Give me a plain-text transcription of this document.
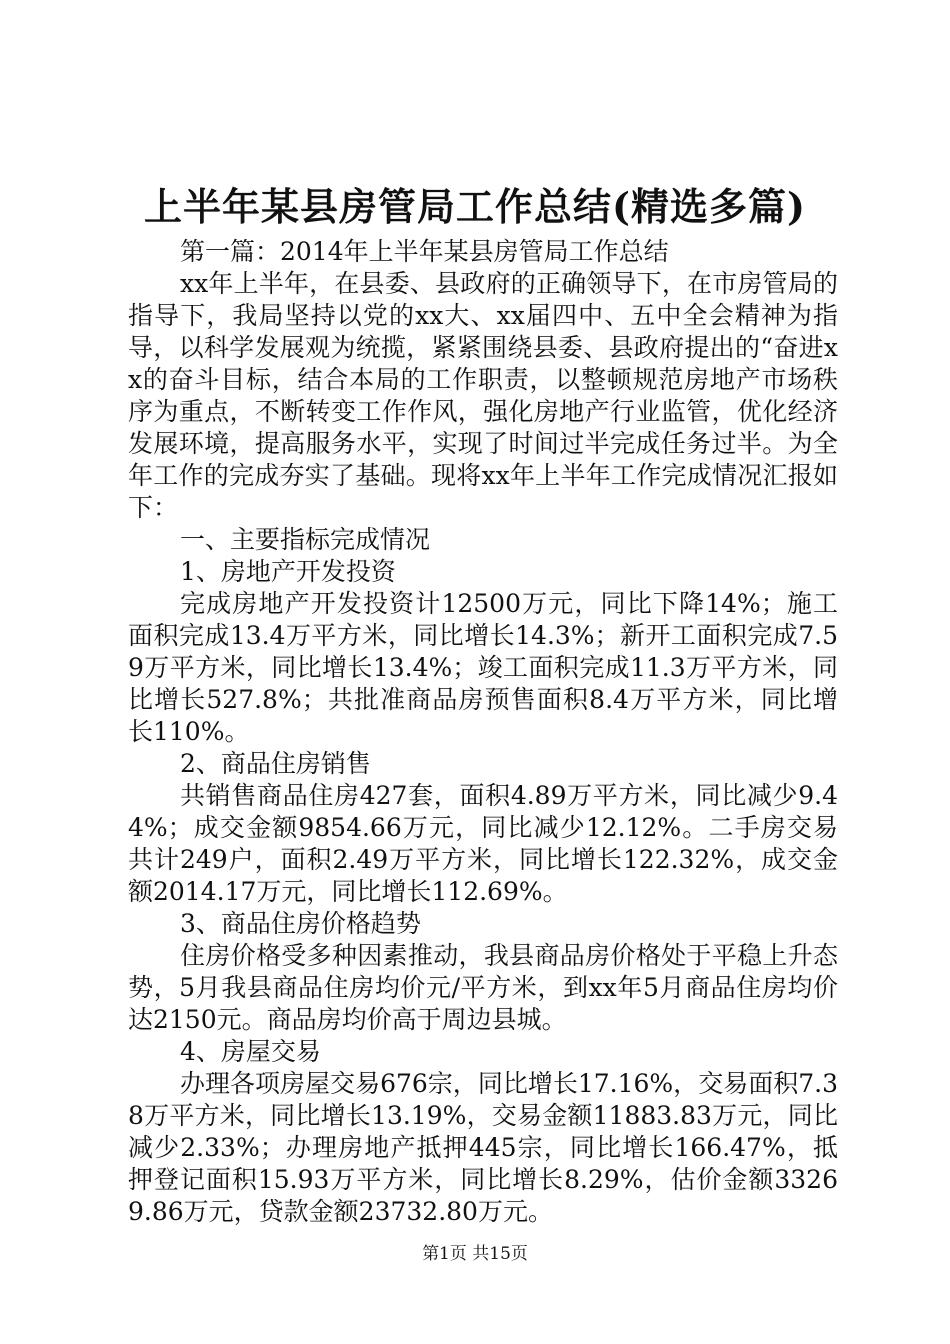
上半年某县房管局工作总结(精选多篇)

第一篇：2014年上半年某县房管局工作总结

xx年上半年，在县委、县政府的正确领导下，在市房管局的指导下，我局坚持以党的xx大、xx届四中、五中全会精神为指导，以科学发展观为统揽，紧紧围绕县委、县政府提出的“奋进xx的奋斗目标，结合本局的工作职责，以整顿规范房地产市场秩序为重点，不断转变工作作风，强化房地产行业监管，优化经济发展环境，提高服务水平，实现了时间过半完成任务过半。为全年工作的完成夯实了基础。现将xx年上半年工作完成情况汇报如下：

一、主要指标完成情况

1、房地产开发投资

完成房地产开发投资计12500万元，同比下降14%；施工面积完成13.4万平方米，同比增长14.3%；新开工面积完成7.59万平方米，同比增长13.4%；竣工面积完成11.3万平方米，同比增长527.8%；共批准商品房预售面积8.4万平方米，同比增长110%。

2、商品住房销售

共销售商品住房427套，面积4.89万平方米，同比减少9.44%；成交金额9854.66万元，同比减少12.12%。二手房交易共计249户，面积2.49万平方米，同比增长122.32%，成交金额2014.17万元，同比增长112.69%。

3、商品住房价格趋势

住房价格受多种因素推动，我县商品房价格处于平稳上升态势，5月我县商品住房均价元/平方米，到xx年5月商品住房均价达2150元。商品房均价高于周边县城。

4、房屋交易

办理各项房屋交易676宗，同比增长17.16%，交易面积7.38万平方米，同比增长13.19%，交易金额11883.83万元，同比减少2.33%；办理房地产抵押445宗，同比增长166.47%，抵押登记面积15.93万平方米，同比增长8.29%，估价金额33269.86万元，贷款金额23732.80万元。

第1页 共15页
